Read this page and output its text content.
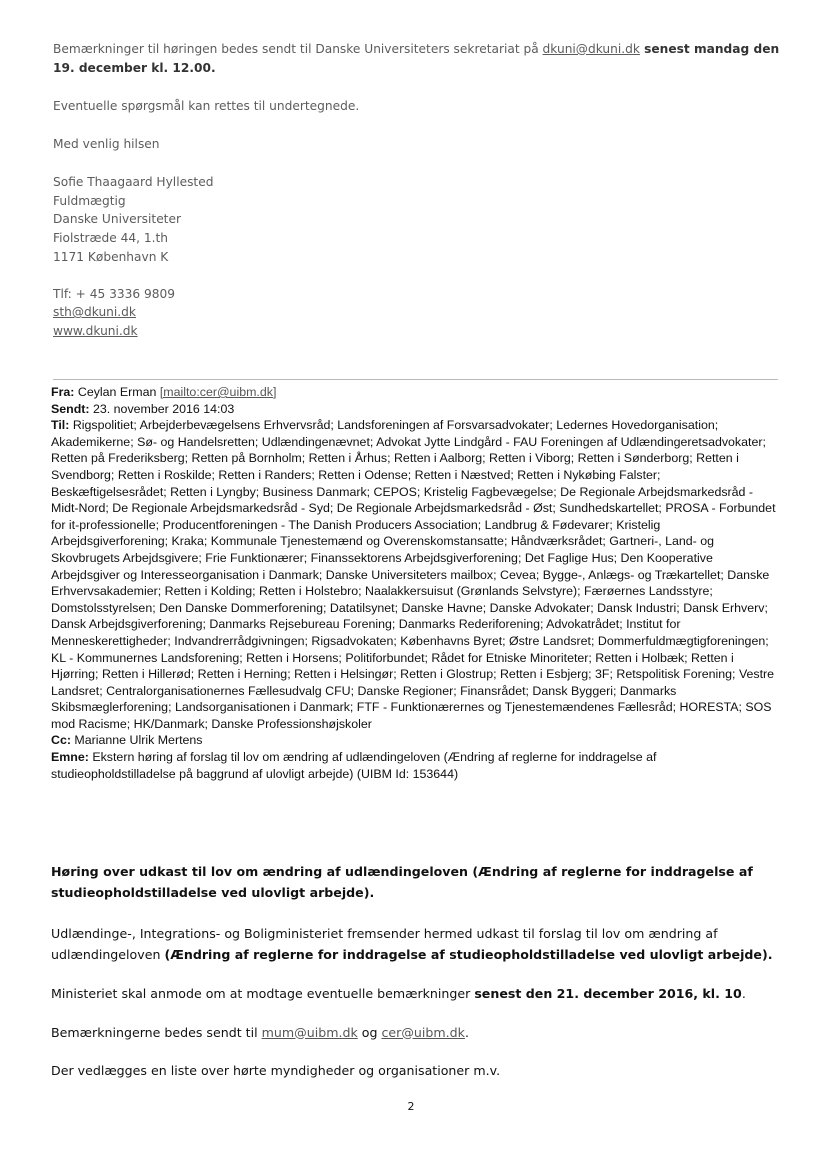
Bemærkninger til høringen bedes sendt til Danske Universiteters sekretariat på dkuni@dkuni.dk senest mandag den 19. december kl. 12.00.

Eventuelle spørgsmål kan rettes til undertegnede.

Med venlig hilsen

Sofie Thaagaard Hyllested
Fuldmægtig
Danske Universiteter
Fiolstræde 44, 1.th
1171 København K
Tlf: + 45 3336 9809
sth@dkuni.dk
www.dkuni.dk
Fra: Ceylan Erman [mailto:cer@uibm.dk]
Sendt: 23. november 2016 14:03
Til: Rigspolitiet; Arbejderbevægelsens Erhvervsråd; Landsforeningen af Forsvarsadvokater; Ledernes Hovedorganisation; Akademikerne; Sø- og Handelsretten; Udlændingenævnet; Advokat Jytte Lindgård - FAU Foreningen af Udlændingeretsadvokater; Retten på Frederiksberg; Retten på Bornholm; Retten i Århus; Retten i Aalborg; Retten i Viborg; Retten i Sønderborg; Retten i Svendborg; Retten i Roskilde; Retten i Randers; Retten i Odense; Retten i Næstved; Retten i Nykøbing Falster; Beskæftigelsesrådet; Retten i Lyngby; Business Danmark; CEPOS; Kristelig Fagbevægelse; De Regionale Arbejdsmarkedsråd - Midt-Nord; De Regionale Arbejdsmarkedsråd - Syd; De Regionale Arbejdsmarkedsråd - Øst; Sundhedskartellet; PROSA - Forbundet for it-professionelle; Producentforeningen - The Danish Producers Association; Landbrug & Fødevarer; Kristelig Arbejdsgiverforening; Kraka; Kommunale Tjenestemænd og Overenskomstansatte; Håndværksrådet; Gartneri-, Land- og Skovbrugets Arbejdsgivere; Frie Funktionærer; Finanssektorens Arbejdsgiverforening; Det Faglige Hus; Den Kooperative Arbejdsgiver og Interesseorganisation i Danmark; Danske Universiteters mailbox; Cevea; Bygge-, Anlægs- og Trækartellet; Danske Erhvervsakademier; Retten i Kolding; Retten i Holstebro; Naalakkersuisut (Grønlands Selvstyre); Færøernes Landsstyre; Domstolsstyrelsen; Den Danske Dommerforening; Datatilsynet; Danske Havne; Danske Advokater; Dansk Industri; Dansk Erhverv; Dansk Arbejdsgiverforening; Danmarks Rejsebureau Forening; Danmarks Rederiforening; Advokatrådet; Institut for Menneskerettigheder; Indvandrerrådgivningen; Rigsadvokaten; Københavns Byret; Østre Landsret; Dommerfuldmægtigforeningen; KL - Kommunernes Landsforening; Retten i Horsens; Politiforbundet; Rådet for Etniske Minoriteter; Retten i Holbæk; Retten i Hjørring; Retten i Hillerød; Retten i Herning; Retten i Helsingør; Retten i Glostrup; Retten i Esbjerg; 3F; Retspolitisk Forening; Vestre Landsret; Centralorganisationernes Fællesudvalg CFU; Danske Regioner; Finansrådet; Dansk Byggeri; Danmarks Skibsmæglerforening; Landsorganisationen i Danmark; FTF - Funktionærernes og Tjenestemændenes Fællesråd; HORESTA; SOS mod Racisme; HK/Danmark; Danske Professionshøjskoler
Cc: Marianne Ulrik Mertens
Emne: Ekstern høring af forslag til lov om ændring af udlændingeloven (Ændring af reglerne for inddragelse af studieopholdstilladelse på baggrund af ulovligt arbejde) (UIBM Id: 153644)

Høring over udkast til lov om ændring af udlændingeloven (Ændring af reglerne for inddragelse af studieopholdstilladelse ved ulovligt arbejde).

Udlændinge-, Integrations- og Boligministeriet fremsender hermed udkast til forslag til lov om ændring af udlændingeloven (Ændring af reglerne for inddragelse af studieopholdstilladelse ved ulovligt arbejde).

Ministeriet skal anmode om at modtage eventuelle bemærkninger senest den 21. december 2016, kl. 10.

Bemærkningerne bedes sendt til mum@uibm.dk og cer@uibm.dk.

Der vedlægges en liste over hørte myndigheder og organisationer m.v.

2
